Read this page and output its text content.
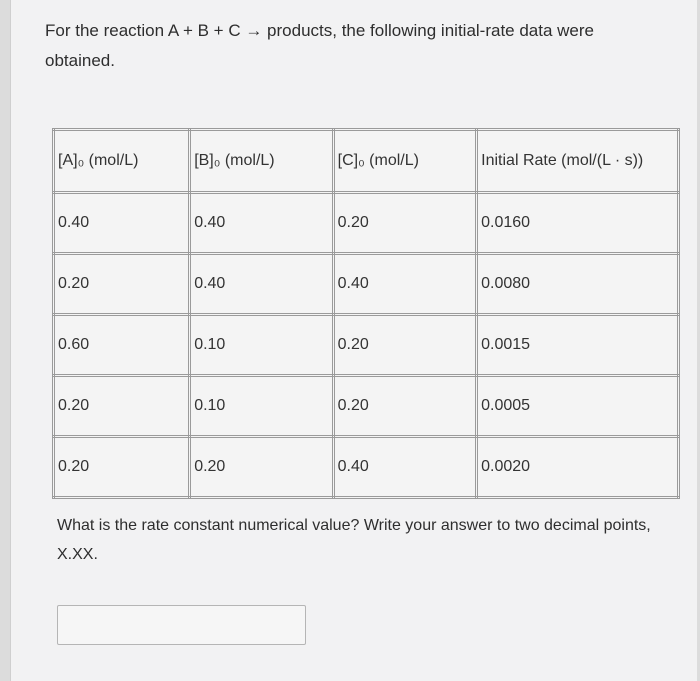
For the reaction A + B + C → products, the following initial-rate data were obtained.
[A]₀ (mol/L)	[B]₀ (mol/L)	[C]₀ (mol/L)	Initial Rate (mol/(L · s))
0.40	0.40	0.20	0.0160
0.20	0.40	0.40	0.0080
0.60	0.10	0.20	0.0015
0.20	0.10	0.20	0.0005
0.20	0.20	0.40	0.0020
What is the rate constant numerical value? Write your answer to two decimal points, X.XX.
